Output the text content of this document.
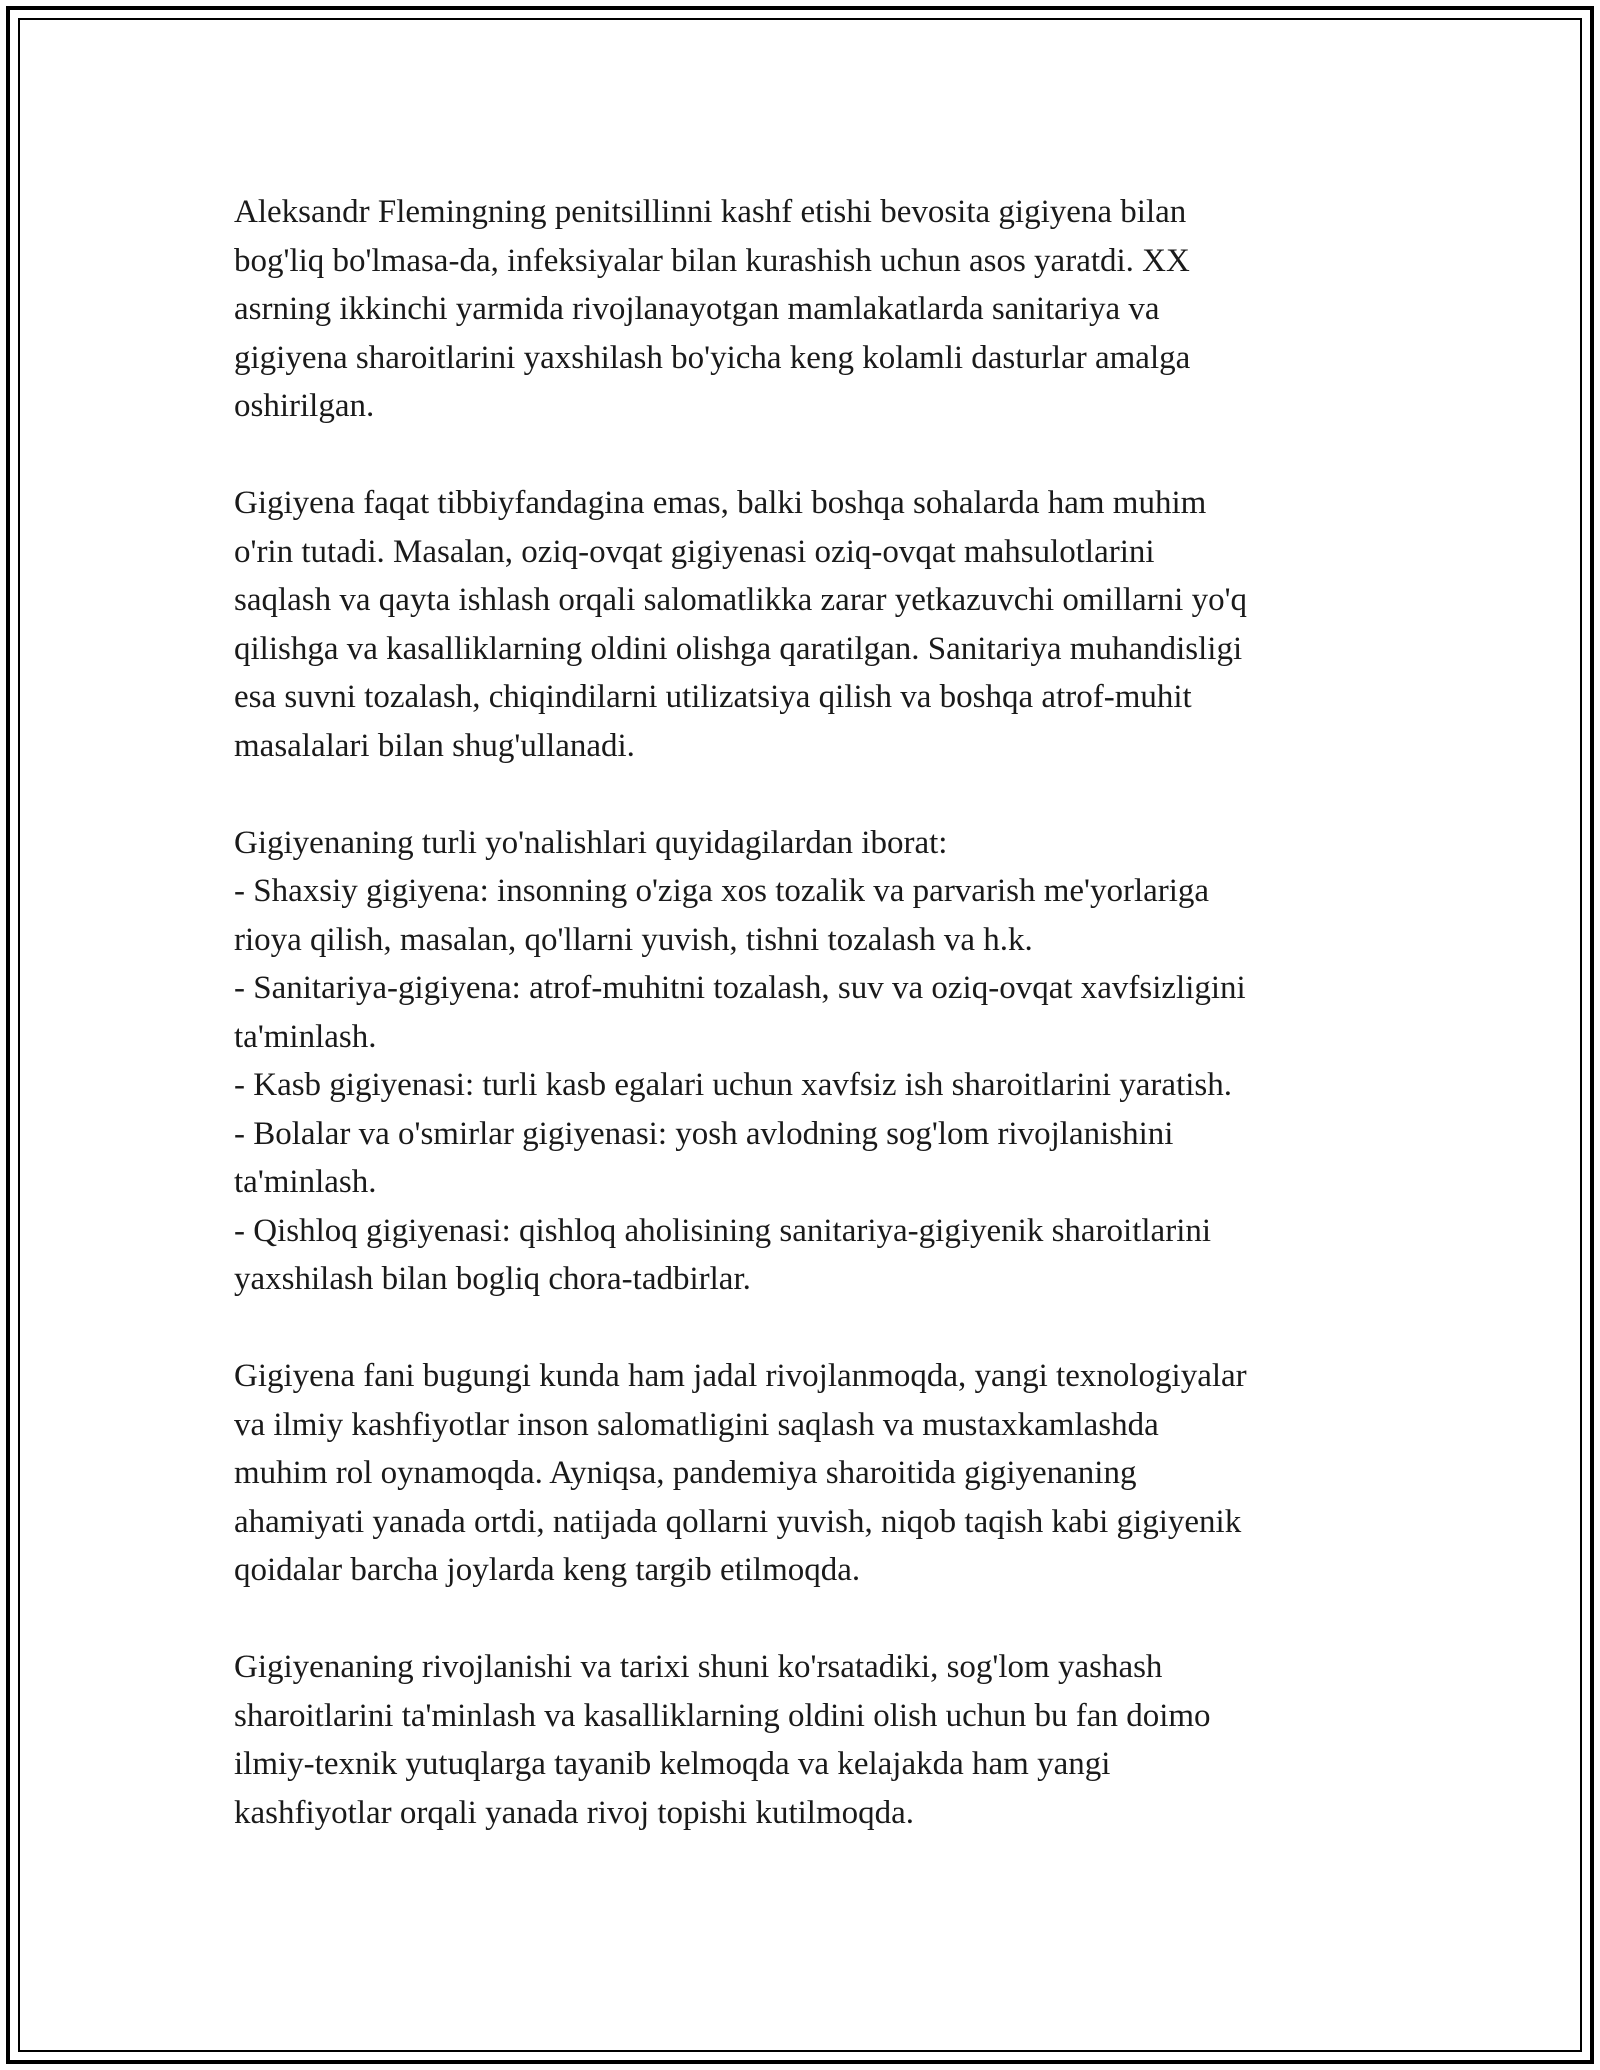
Aleksandr Flemingning penitsillinni kashf etishi bevosita gigiyena bilan
bog'liq bo'lmasa-da, infeksiyalar bilan kurashish uchun asos yaratdi. XX
asrning ikkinchi yarmida rivojlanayotgan mamlakatlarda sanitariya va
gigiyena sharoitlarini yaxshilash bo'yicha keng kolamli dasturlar amalga
oshirilgan.

Gigiyena faqat tibbiyfandagina emas, balki boshqa sohalarda ham muhim
o'rin tutadi. Masalan, oziq-ovqat gigiyenasi oziq-ovqat mahsulotlarini
saqlash va qayta ishlash orqali salomatlikka zarar yetkazuvchi omillarni yo'q
qilishga va kasalliklarning oldini olishga qaratilgan. Sanitariya muhandisligi
esa suvni tozalash, chiqindilarni utilizatsiya qilish va boshqa atrof-muhit
masalalari bilan shug'ullanadi.

Gigiyenaning turli yo'nalishlari quyidagilardan iborat:
- Shaxsiy gigiyena: insonning o'ziga xos tozalik va parvarish me'yorlariga
rioya qilish, masalan, qo'llarni yuvish, tishni tozalash va h.k.
- Sanitariya-gigiyena: atrof-muhitni tozalash, suv va oziq-ovqat xavfsizligini
ta'minlash.
- Kasb gigiyenasi: turli kasb egalari uchun xavfsiz ish sharoitlarini yaratish.
- Bolalar va o'smirlar gigiyenasi: yosh avlodning sog'lom rivojlanishini
ta'minlash.
- Qishloq gigiyenasi: qishloq aholisining sanitariya-gigiyenik sharoitlarini
yaxshilash bilan bogliq chora-tadbirlar.

Gigiyena fani bugungi kunda ham jadal rivojlanmoqda, yangi texnologiyalar
va ilmiy kashfiyotlar inson salomatligini saqlash va mustaxkamlashda
muhim rol oynamoqda. Ayniqsa, pandemiya sharoitida gigiyenaning
ahamiyati yanada ortdi, natijada qollarni yuvish, niqob taqish kabi gigiyenik
qoidalar barcha joylarda keng targib etilmoqda.

Gigiyenaning rivojlanishi va tarixi shuni ko'rsatadiki, sog'lom yashash
sharoitlarini ta'minlash va kasalliklarning oldini olish uchun bu fan doimo
ilmiy-texnik yutuqlarga tayanib kelmoqda va kelajakda ham yangi
kashfiyotlar orqali yanada rivoj topishi kutilmoqda.
